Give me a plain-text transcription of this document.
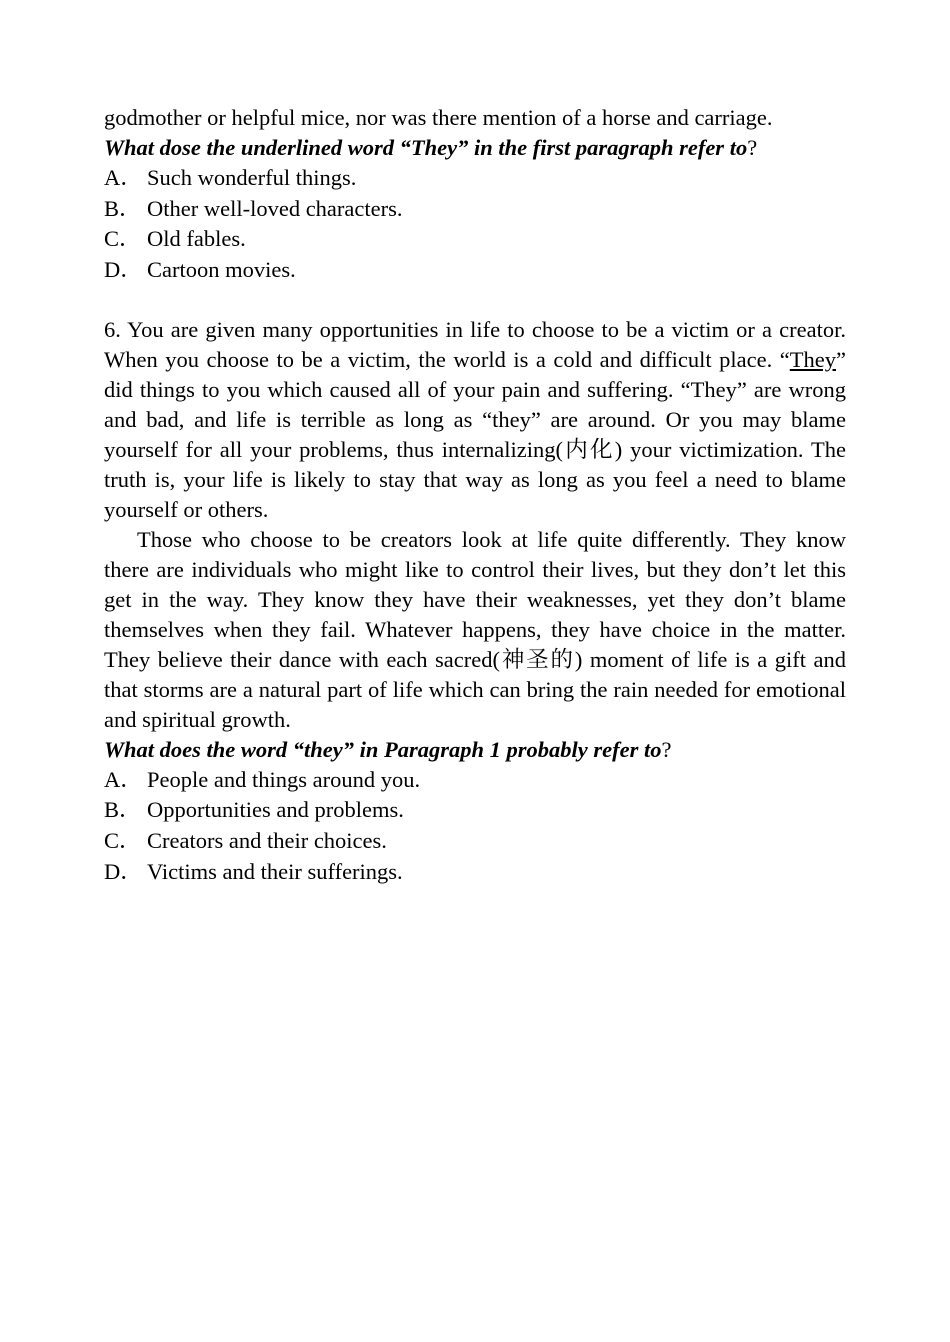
godmother or helpful mice, nor was there mention of a horse and carriage.

What dose the underlined word “They” in the first paragraph refer to?

A． Such wonderful things.
B． Other well-loved characters.
C． Old fables.
D． Cartoon movies.

6. You are given many opportunities in life to choose to be a victim or a creator. When you choose to be a victim, the world is a cold and difficult place. “They” did things to you which caused all of your pain and suffering. “They” are wrong and bad, and life is terrible as long as “they” are around. Or you may blame yourself for all your problems, thus internalizing(内化) your victimization. The truth is, your life is likely to stay that way as long as you feel a need to blame yourself or others.

Those who choose to be creators look at life quite differently. They know there are individuals who might like to control their lives, but they don’t let this get in the way. They know they have their weaknesses, yet they don’t blame themselves when they fail. Whatever happens, they have choice in the matter. They believe their dance with each sacred(神圣的) moment of life is a gift and that storms are a natural part of life which can bring the rain needed for emotional and spiritual growth.

What does the word “they” in Paragraph 1 probably refer to?

A． People and things around you.
B． Opportunities and problems.
C． Creators and their choices.
D． Victims and their sufferings.
